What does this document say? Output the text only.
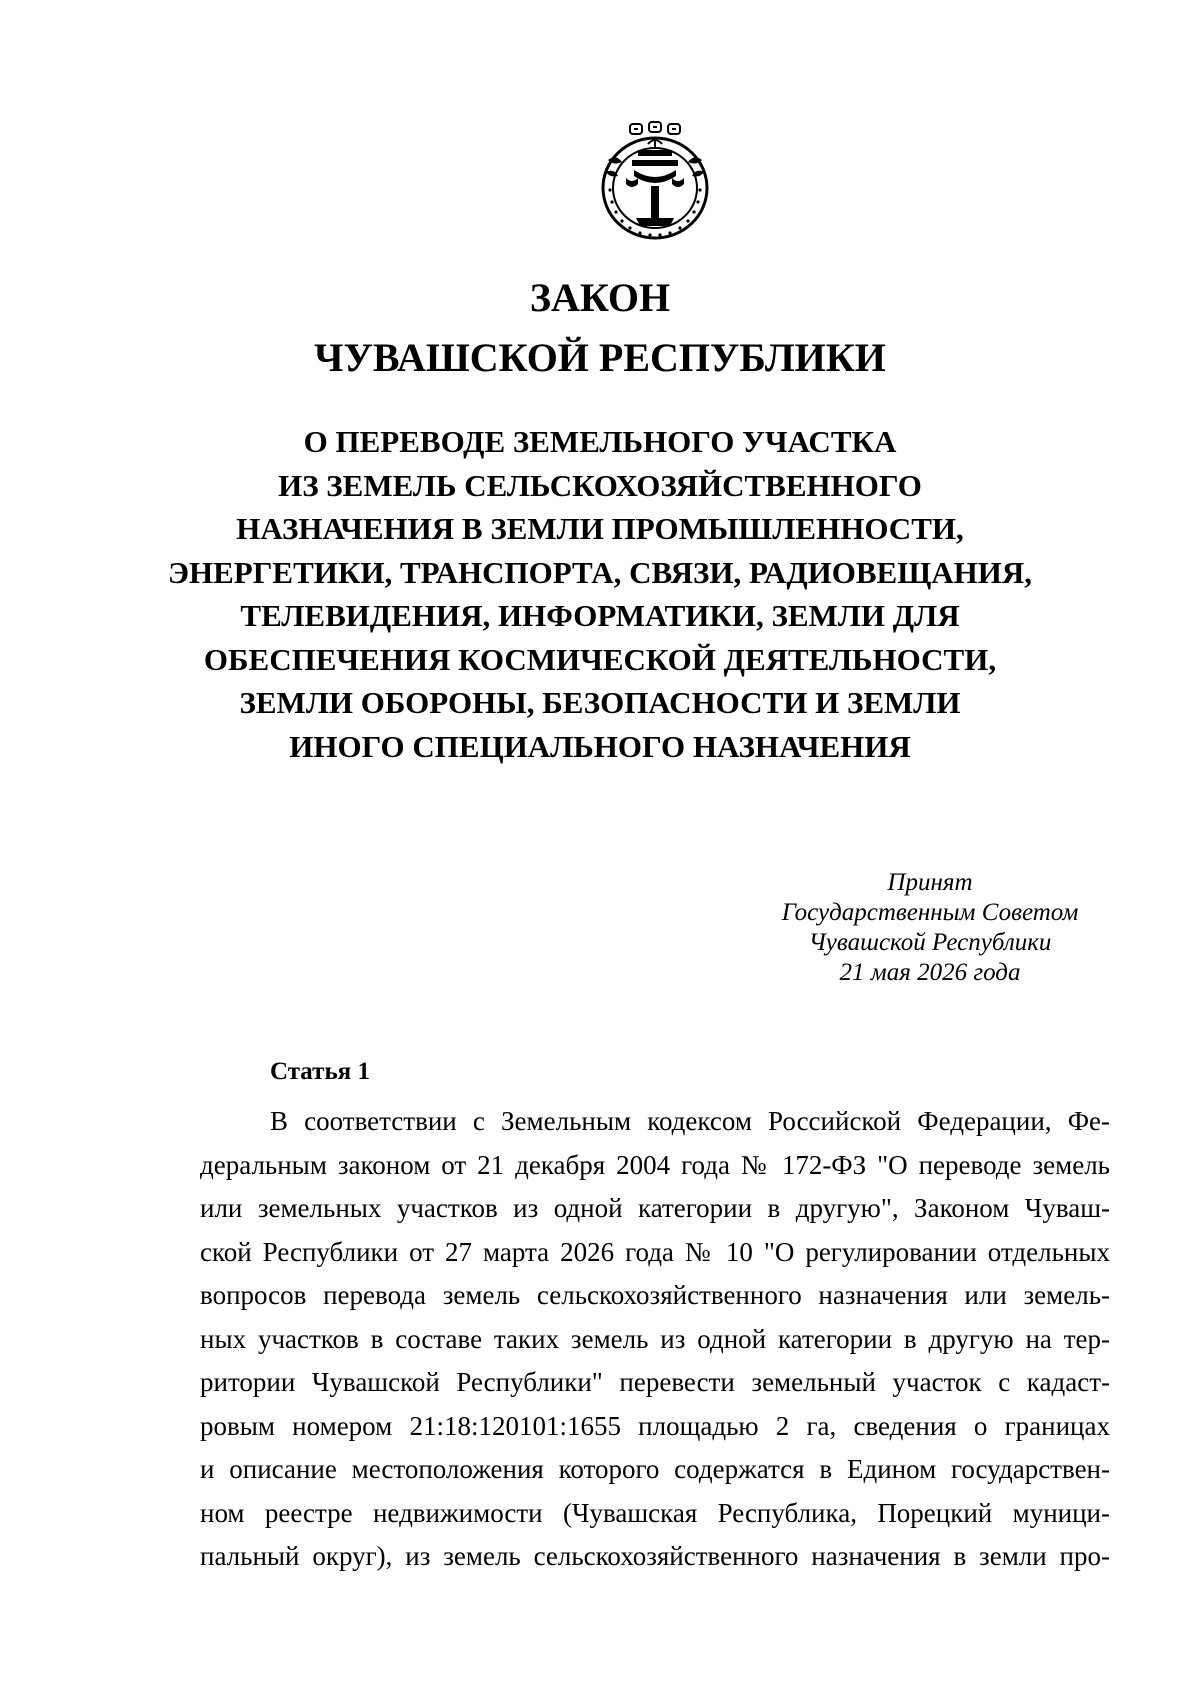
ЗАКОН
ЧУВАШСКОЙ РЕСПУБЛИКИ
О ПЕРЕВОДЕ ЗЕМЕЛЬНОГО УЧАСТКА
ИЗ ЗЕМЕЛЬ СЕЛЬСКОХОЗЯЙСТВЕННОГО
НАЗНАЧЕНИЯ В ЗЕМЛИ ПРОМЫШЛЕННОСТИ,
ЭНЕРГЕТИКИ, ТРАНСПОРТА, СВЯЗИ, РАДИОВЕЩАНИЯ,
ТЕЛЕВИДЕНИЯ, ИНФОРМАТИКИ, ЗЕМЛИ ДЛЯ
ОБЕСПЕЧЕНИЯ КОСМИЧЕСКОЙ ДЕЯТЕЛЬНОСТИ,
ЗЕМЛИ ОБОРОНЫ, БЕЗОПАСНОСТИ И ЗЕМЛИ
ИНОГО СПЕЦИАЛЬНОГО НАЗНАЧЕНИЯ
Принят
Государственным Советом
Чувашской Республики
21 мая 2026 года
Статья 1

В соответствии с Земельным кодексом Российской Федерации, Фе-
деральным законом от 21 декабря 2004 года № 172-ФЗ "О переводе земель
или земельных участков из одной категории в другую", Законом Чуваш-
ской Республики от 27 марта 2026 года № 10 "О регулировании отдельных
вопросов перевода земель сельскохозяйственного назначения или земель-
ных участков в составе таких земель из одной категории в другую на тер-
ритории Чувашской Республики" перевести земельный участок с кадаст-
ровым номером 21:18:120101:1655 площадью 2 га, сведения о границах
и описание местоположения которого содержатся в Едином государствен-
ном реестре недвижимости (Чувашская Республика, Порецкий муници-
пальный округ), из земель сельскохозяйственного назначения в земли про-
